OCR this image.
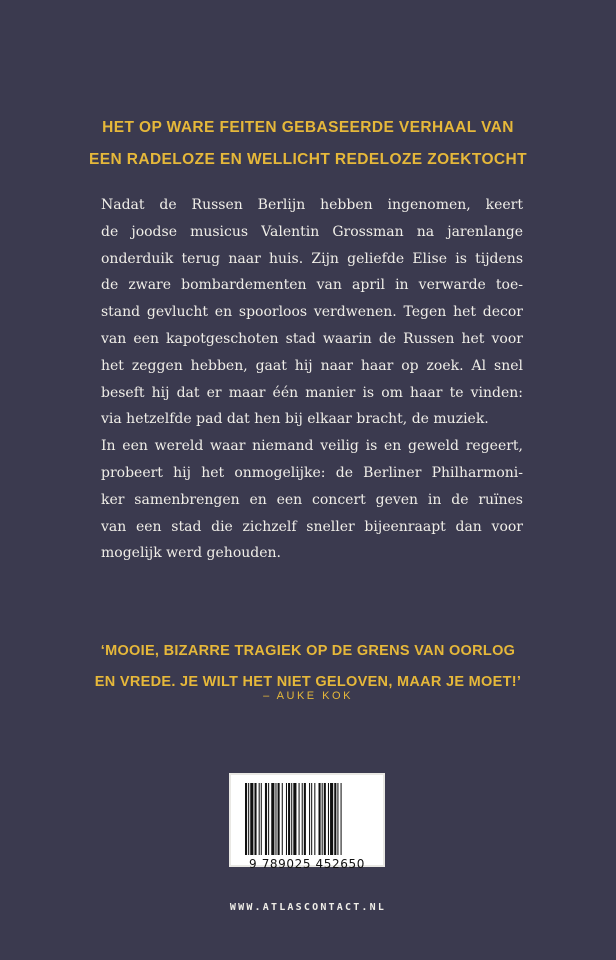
HET OP WARE FEITEN GEBASEERDE VERHAAL VAN
EEN RADELOZE EN WELLICHT REDELOZE ZOEKTOCHT
Nadat de Russen Berlijn hebben ingenomen, keert
de joodse musicus Valentin Grossman na jarenlange
onderduik terug naar huis. Zijn geliefde Elise is tijdens
de zware bombardementen van april in verwarde toe-
stand gevlucht en spoorloos verdwenen. Tegen het decor
van een kapotgeschoten stad waarin de Russen het voor
het zeggen hebben, gaat hij naar haar op zoek. Al snel
beseft hij dat er maar één manier is om haar te vinden:
via hetzelfde pad dat hen bij elkaar bracht, de muziek.
In een wereld waar niemand veilig is en geweld regeert,
probeert hij het onmogelijke: de Berliner Philharmoni-
ker samenbrengen en een concert geven in de ruïnes
van een stad die zichzelf sneller bijeenraapt dan voor
mogelijk werd gehouden.
‘MOOIE, BIZARRE TRAGIEK OP DE GRENS VAN OORLOG
EN VREDE. JE WILT HET NIET GELOVEN, MAAR JE MOET!’
– AUKE KOK
9 789025 452650
WWW.ATLASCONTACT.NL
